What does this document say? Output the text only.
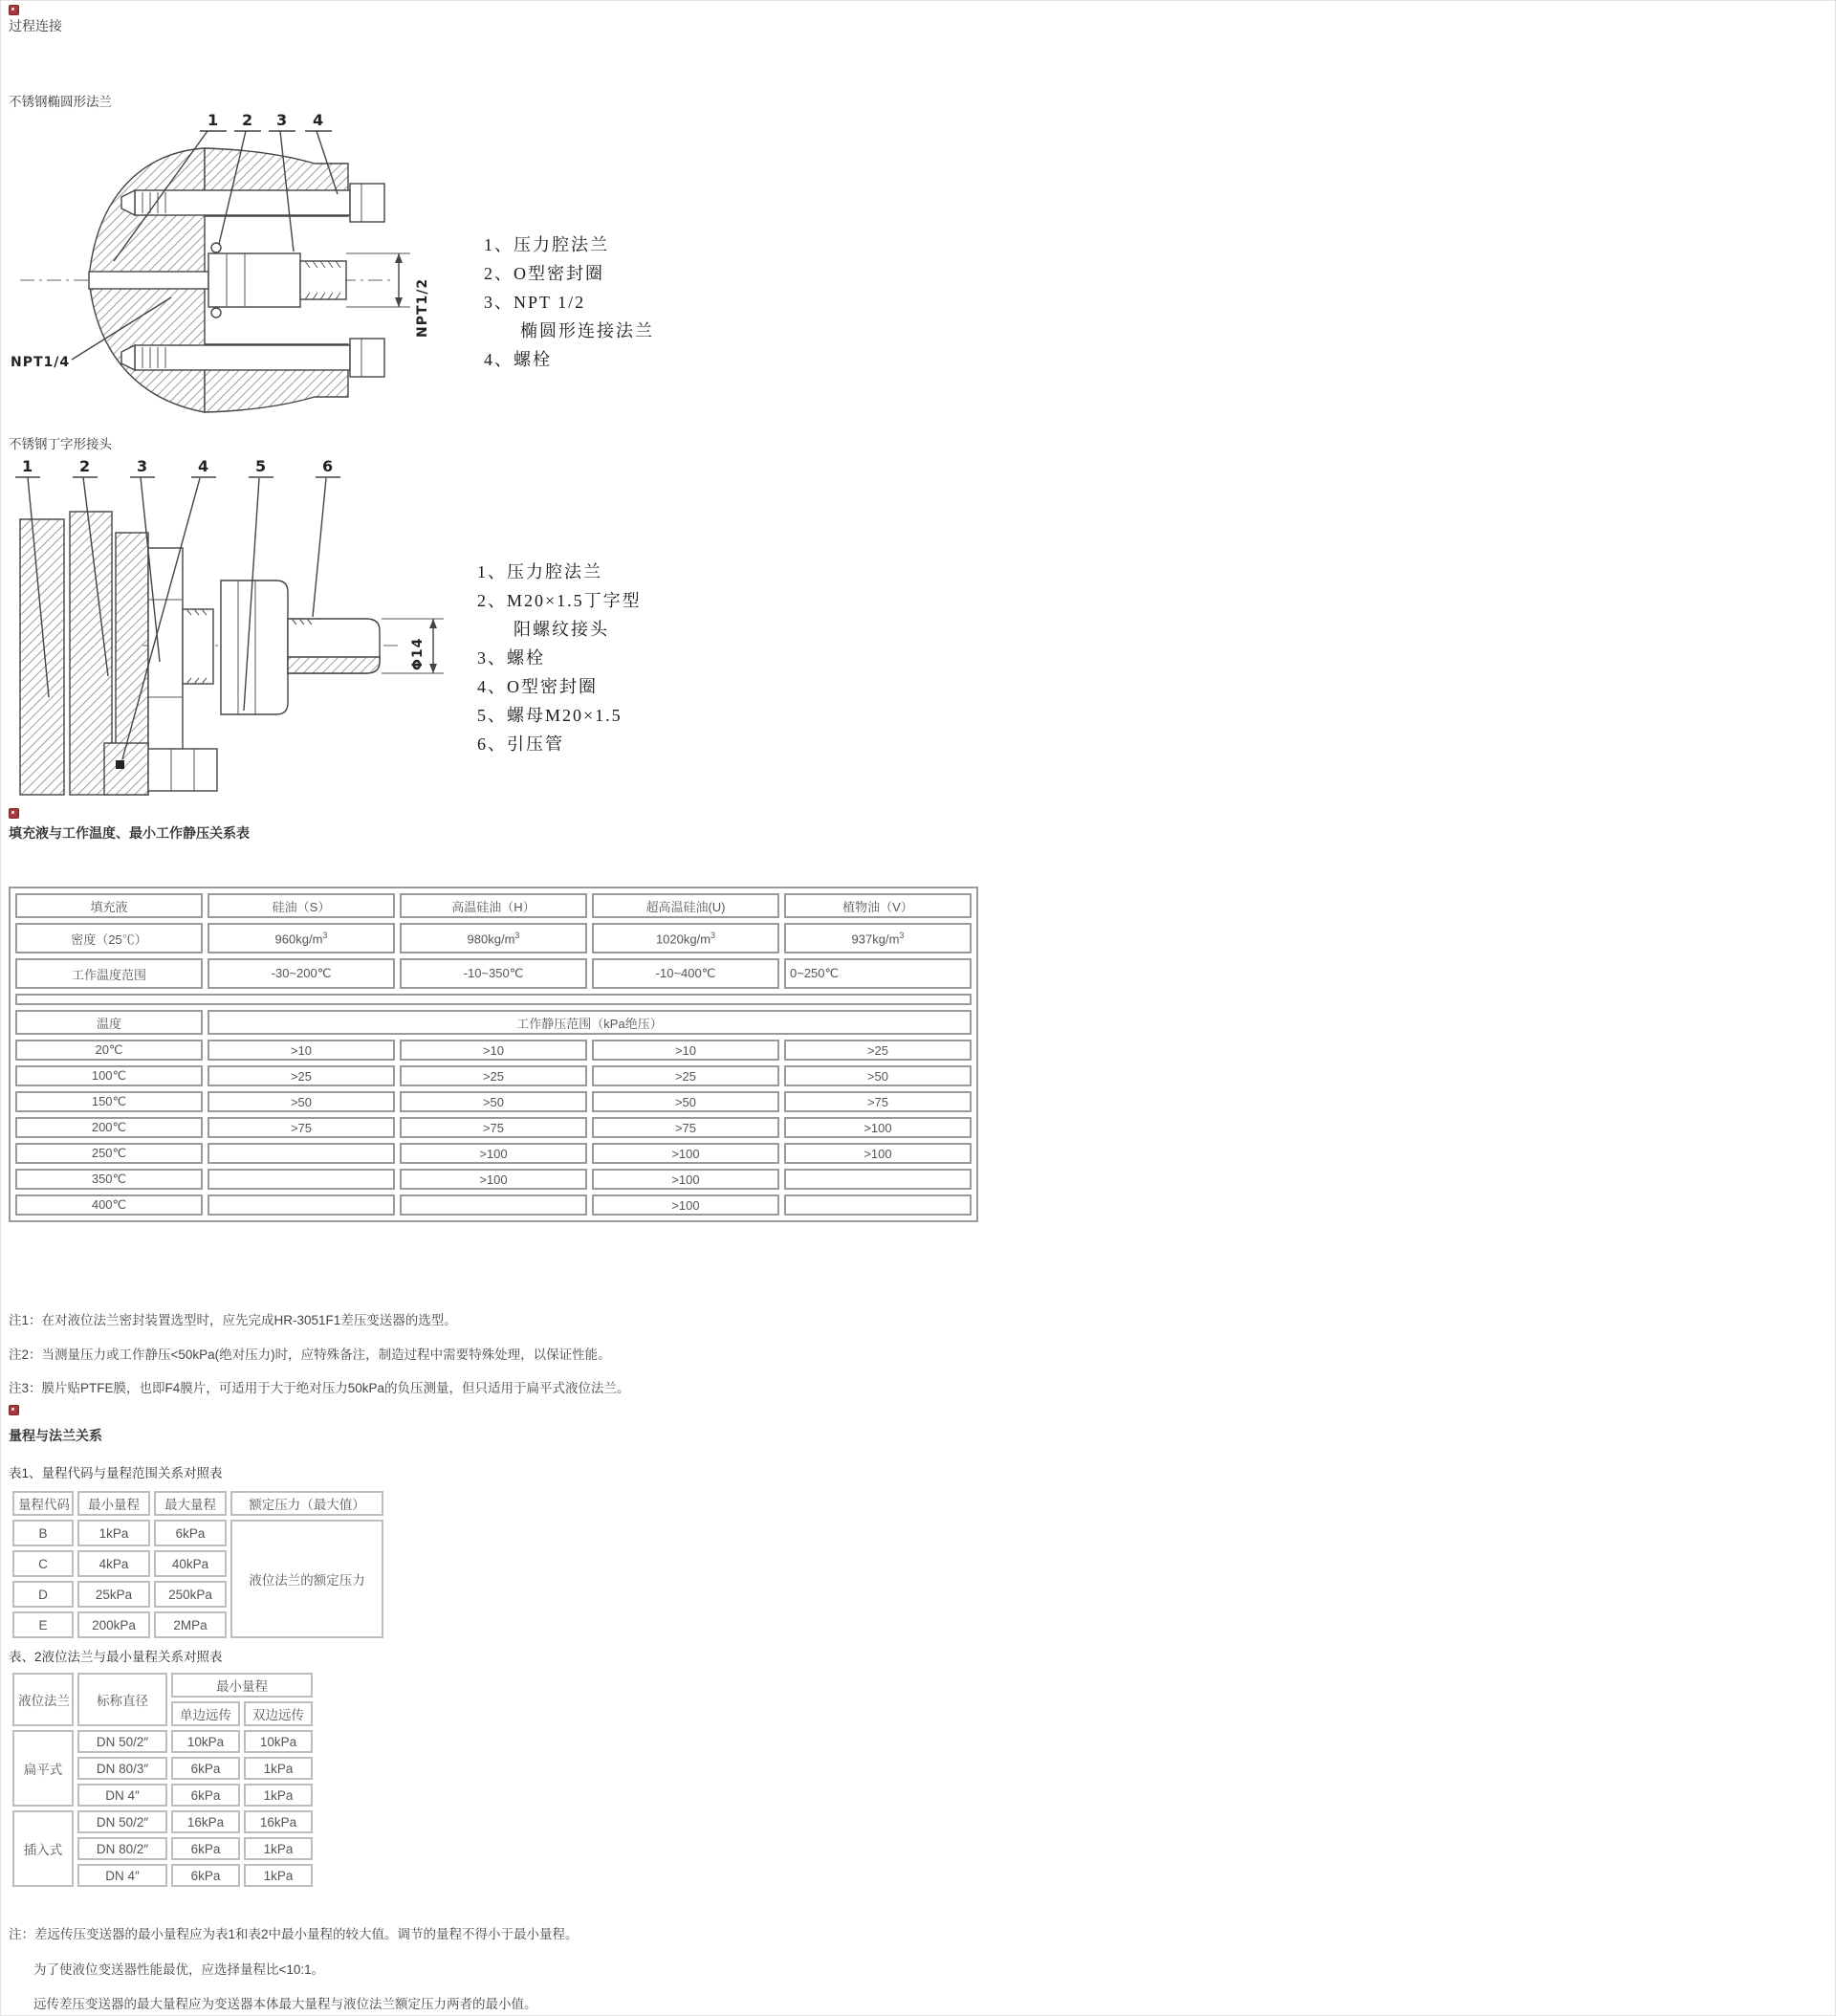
过程连接
不锈钢椭圆形法兰
NPT1/2
NPT1/4
1 2 3 4
1、压力腔法兰
2、O型密封圈
3、NPT 1/2
椭圆形连接法兰
4、螺栓
不锈钢丁字形接头
Φ14
1	2	3	4	5	6
1、压力腔法兰
2、M20×1.5丁字型
阳螺纹接头
3、螺栓
4、O型密封圈
5、螺母M20×1.5
6、引压管
填充液与工作温度、最小工作静压关系表
填充液	硅油（S）	高温硅油（H）	超高温硅油(U)	植物油（V）
密度（25℃）	$960kg/m^3$	$980kg/m^3$	$1020kg/m^3$	$937kg/m^3$
工作温度范围	-30~200℃	-10~350℃	-10~400℃	0~250℃

温度	工作静压范围（kPa绝压）			
20℃	>10	>10	>10	>25
100℃	>25	>25	>25	>50
150℃	>50	>50	>50	>75
200℃	>75	>75	>75	>100
250℃		>100	>100	>100
350℃		>100	>100	
400℃			>100	
注1：在对液位法兰密封装置选型时，应先完成HR-3051F1差压变送器的选型。
注2：当测量压力或工作静压<50kPa(绝对压力)时，应特殊备注，制造过程中需要特殊处理，以保证性能。
注3：膜片贴PTFE膜，也即F4膜片，可适用于大于绝对压力50kPa的负压测量，但只适用于扁平式液位法兰。
量程与法兰关系
表1、量程代码与量程范围关系对照表
量程代码	最小量程	最大量程	额定压力（最大值）
B	1kPa	6kPa	液位法兰的额定压力
C	4kPa	40kPa	
D	25kPa	250kPa	
E	200kPa	2MPa	
表、2液位法兰与最小量程关系对照表
液位法兰	标称直径	最小量程	
		单边远传	双边远传
扁平式	DN 50/2″	10kPa	10kPa
	DN 80/3″	6kPa	1kPa
	DN 4″	6kPa	1kPa
插入式	DN 50/2″	16kPa	16kPa
	DN 80/2″	6kPa	1kPa
	DN 4″	6kPa	1kPa
注：差远传压变送器的最小量程应为表1和表2中最小量程的较大值。调节的量程不得小于最小量程。
为了使液位变送器性能最优，应选择量程比<10:1。
远传差压变送器的最大量程应为变送器本体最大量程与液位法兰额定压力两者的最小值。
